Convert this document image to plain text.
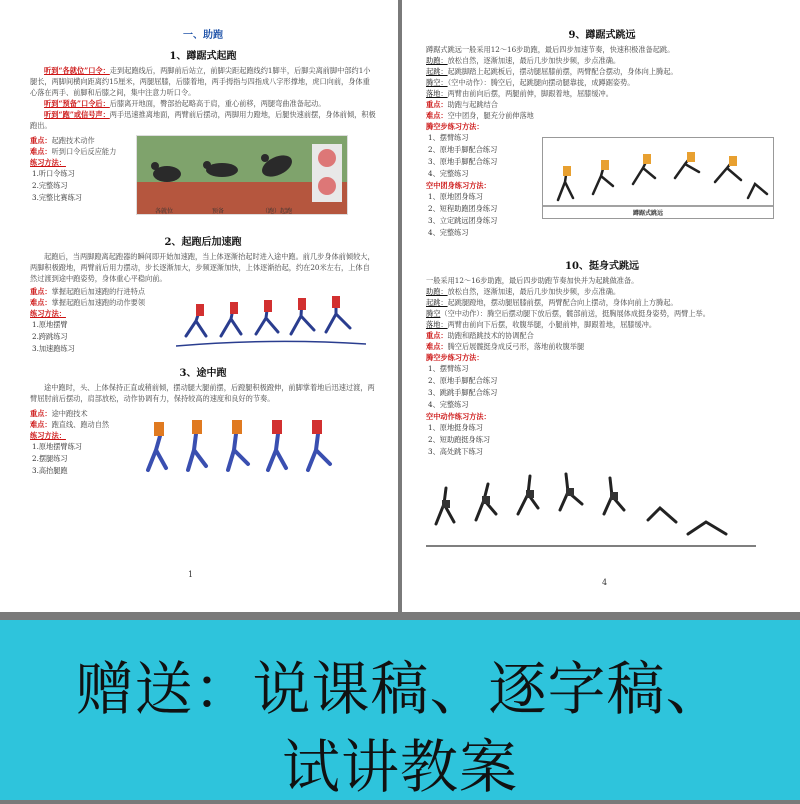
一、助跑
1、蹲踞式起跑

听到“各就位”口令：走到起跑线后，两脚前后站立，前脚尖距起跑线约1脚半，后脚尖离前脚中部约1小腿长，两脚间横向距离约15厘米，两腿屈膝，后膝着地，两手拇指与四指成八字形撑地，虎口向前，身体重心落在两手、前脚和后膝之间，集中注意力听口令。

听到“预备”口令后：后膝离开地面，臀部抬起略高于肩，重心前移，两腿弯曲准备起动。

听到“跑”或信号声：两手迅速推离地面，两臂前后摆动，两脚用力蹬地，后腿快速前摆，身体前倾，积极跑出。

重点：起跑技术动作
难点：听到口令后反应能力
练习方法：
1.听口令练习
2.完整练习
3.完整比赛练习
各就位	预备	（跑）起跑
2、起跑后加速跑

起跑后，当两脚蹬离起跑器的瞬间即开始加速跑，当上体逐渐抬起时进入途中跑。前几步身体前倾较大，两脚积极蹬地，两臂前后用力摆动，步长逐渐加大，步频逐渐加快，上体逐渐抬起，约在20米左右，上体自然过渡到途中跑姿势，身体重心平稳向前。

重点：掌握起跑后加速跑的行进特点
难点：掌握起跑后加速跑的动作要领
练习方法：
1.原地摆臂
2.跨跳练习
3.加速跑练习
3、途中跑

途中跑时，头、上体保持正直或稍前倾，摆动腿大腿前摆，后蹬腿积极蹬伸，前脚掌着地后迅速过渡，两臂屈肘前后摆动，肩部放松，动作协调有力，保持较高的速度和良好的节奏。

重点：途中跑技术
难点：跑直线、跑动自然
练习方法：
1.原地摆臂练习
2.摆腿练习
3.高抬腿跑
1
9、蹲踞式跳远
蹲踞式跳远一般采用12～16步助跑，最后四步加速节奏，快速积极准备起跳。
助跑：放松自然，逐渐加速，最后几步加快步频，步点准确。
起跳：起跳脚踏上起跳板后，摆动腿屈膝前摆，两臂配合摆动，身体向上腾起。
腾空：（空中动作）：腾空后，起跳腿向摆动腿靠拢，成蹲踞姿势。
落地：两臂由前向后摆，两腿前伸，脚跟着地，屈膝缓冲。
重点：助跑与起跳结合
难点：空中团身，腿充分前伸落地
腾空步练习方法：
1、摆臂练习
2、原地手脚配合练习
3、原地手脚配合练习
4、完整练习
空中团身练习方法：
1、原地团身练习
2、短程助跑团身练习
3、立定跳远团身练习
4、完整练习
蹲踞式跳远
10、挺身式跳远
一般采用12～16步助跑，最后四步助跑节奏加快并为起跳做准备。
助跑：放松自然，逐渐加速，最后几步加快步频，步点准确。
起跳：起跳腿蹬地，摆动腿屈膝前摆，两臂配合向上摆动，身体向前上方腾起。
腾空（空中动作）：腾空后摆动腿下放后摆，髋部前送，挺胸展体成挺身姿势，两臂上举。
落地：两臂由前向下后摆，收腹举腿，小腿前伸，脚跟着地，屈膝缓冲。
重点：助跑和踏跳技术的协调配合
难点：腾空后展髋挺身成反弓形，落地前收腹举腿
腾空步练习方法：
1、摆臂练习
2、原地手脚配合练习
3、跳跳手脚配合练习
4、完整练习
空中动作练习方法：
1、原地挺身练习
2、短助跑挺身练习
3、高处跳下练习
4
赠送：说课稿、逐字稿、
试讲教案
